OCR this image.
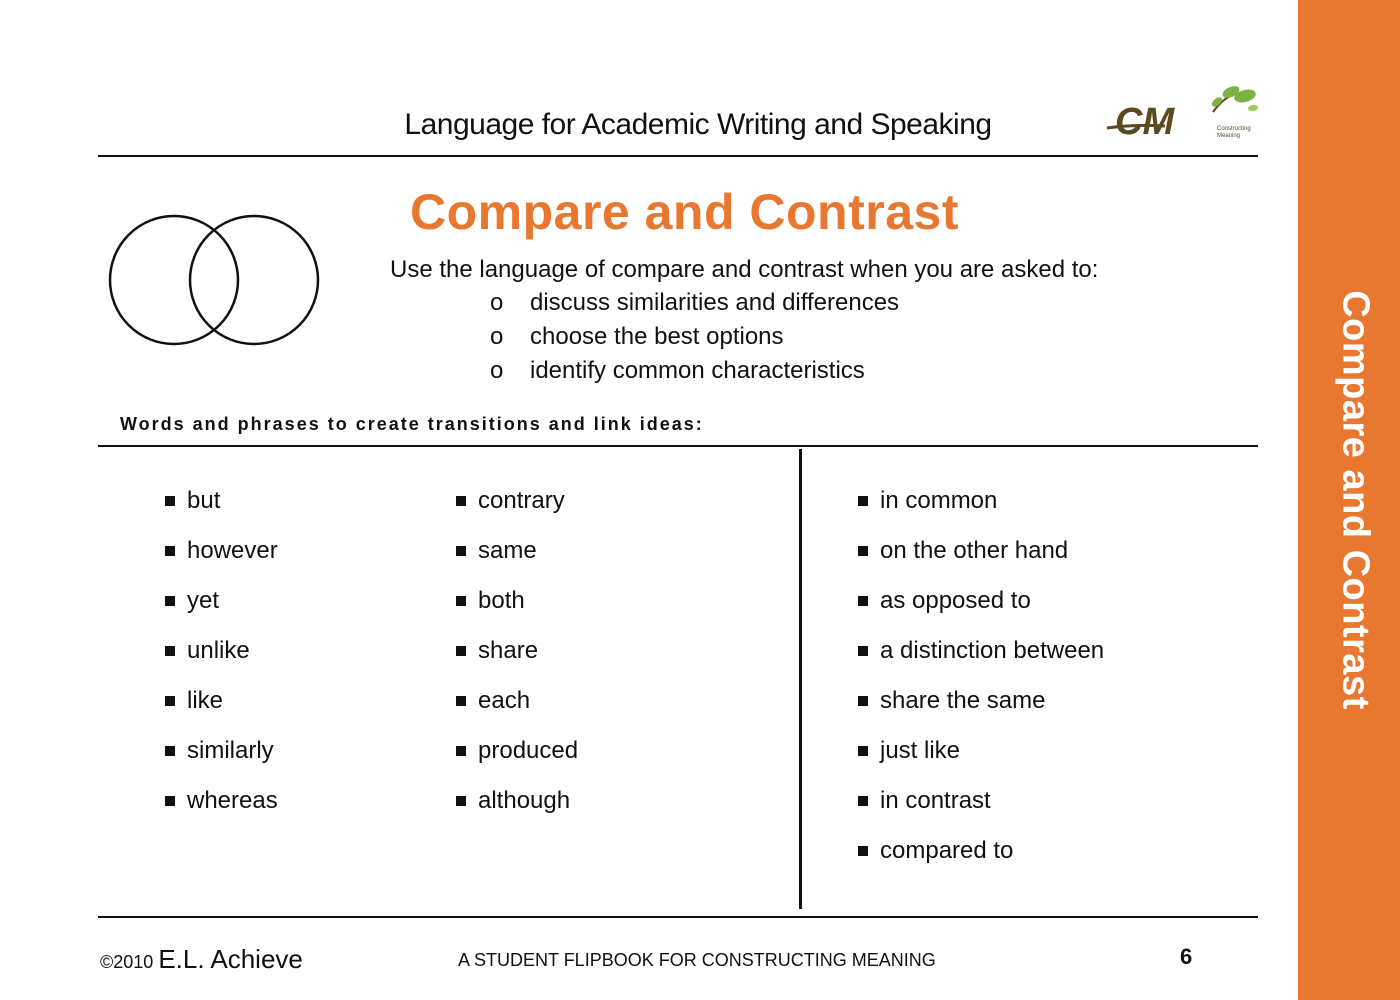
Compare and Contrast
Language for Academic Writing and Speaking	CM	Constructing
Meaning
Compare and Contrast
Use the language of compare and contrast when you are asked to:
o	discuss similarities and differences
o	choose the best options
o	identify common characteristics
Words and phrases to create transitions and link ideas:
but
however
yet
unlike
like
similarly
whereas
contrary
same
both
share
each
produced
although
in common
on the other hand
as opposed to
a distinction between
share the same
just like
in contrast
compared to
©2010 E.L. Achieve	A STUDENT FLIPBOOK FOR CONSTRUCTING MEANING	6
